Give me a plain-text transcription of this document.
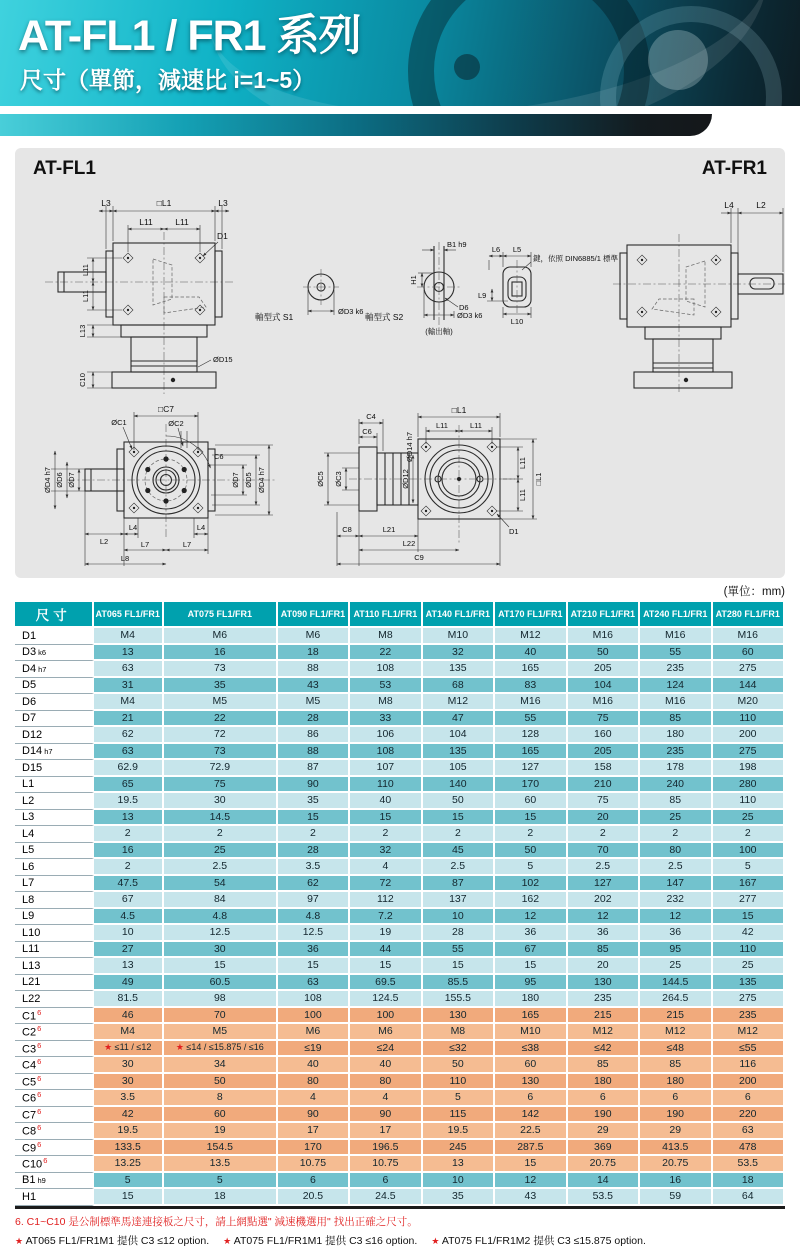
AT-FL1 / FR1 系列
尺寸（單節，減速比 i=1~5）
AT-FL1	AT-FR1
L3	□L1	L3
L11	L11
D1
L11
L11
L13
C10
ØD15
軸型式 S1
ØD3 k6
B1 h9
H1
D6
ØD3 k6
軸型式 S2
(輸出軸)
L6 L5
L9
L10
鍵，依照 DIN6885/1 標準
L4	L2
□C7
ØC1	ØC2
C6
ØD7
ØD6
ØD4 h7	ØD7 ØD5 ØD4 h7
L2
L4	L4
L7	L7
L8
C4
C6
ØD14 h7
□L1
L11	L11
ØD12
ØC3
ØC5
L11
L11
□L1
D1
C8	L21
L22
C9
(單位：mm)
尺寸	AT065 FL1/FR1	AT075 FL1/FR1	AT090 FL1/FR1	AT110 FL1/FR1	AT140 FL1/FR1	AT170 FL1/FR1	AT210 FL1/FR1	AT240 FL1/FR1	AT280 FL1/FR1
D1	M4	M6	M6	M8	M10	M12	M16	M16	M16
D3 k6	13	16	18	22	32	40	50	55	60
D4 h7	63	73	88	108	135	165	205	235	275
D5	31	35	43	53	68	83	104	124	144
D6	M4	M5	M5	M8	M12	M16	M16	M16	M20
D7	21	22	28	33	47	55	75	85	110
D12	62	72	86	106	104	128	160	180	200
D14 h7	63	73	88	108	135	165	205	235	275
D15	62.9	72.9	87	107	105	127	158	178	198
L1	65	75	90	110	140	170	210	240	280
L2	19.5	30	35	40	50	60	75	85	110
L3	13	14.5	15	15	15	15	20	25	25
L4	2	2	2	2	2	2	2	2	2
L5	16	25	28	32	45	50	70	80	100
L6	2	2.5	3.5	4	2.5	5	2.5	2.5	5
L7	47.5	54	62	72	87	102	127	147	167
L8	67	84	97	112	137	162	202	232	277
L9	4.5	4.8	4.8	7.2	10	12	12	12	15
L10	10	12.5	12.5	19	28	36	36	36	42
L11	27	30	36	44	55	67	85	95	110
L13	13	15	15	15	15	15	20	25	25
L21	49	60.5	63	69.5	85.5	95	130	144.5	135
L22	81.5	98	108	124.5	155.5	180	235	264.5	275
$C1^6$	46	70	100	100	130	165	215	215	235
$C2^6$	M4	M5	M6	M6	M8	M10	M12	M12	M12
$C3^6$	★ ≤11 / ≤12	★ ≤14 / ≤15.875 / ≤16	≤19	≤24	≤32	≤38	≤42	≤48	≤55
$C4^6$	30	34	40	40	50	60	85	85	116
$C5^6$	30	50	80	80	110	130	180	180	200
$C6^6$	3.5	8	4	4	5	6	6	6	6
$C7^6$	42	60	90	90	115	142	190	190	220
$C8^6$	19.5	19	17	17	19.5	22.5	29	29	63
$C9^6$	133.5	154.5	170	196.5	245	287.5	369	413.5	478
$C10^6$	13.25	13.5	10.75	10.75	13	15	20.75	20.75	53.5
B1 h9	5	5	6	6	10	12	14	16	18
H1	15	18	20.5	24.5	35	43	53.5	59	64
6. C1~C10 是公制標準馬達連接板之尺寸，請上網點選" 減速機選用" 找出正確之尺寸。
★ AT065 FL1/FR1M1 提供 C3 ≤12 option. ★ AT075 FL1/FR1M1 提供 C3 ≤16 option. ★ AT075 FL1/FR1M2 提供 C3 ≤15.875 option.
